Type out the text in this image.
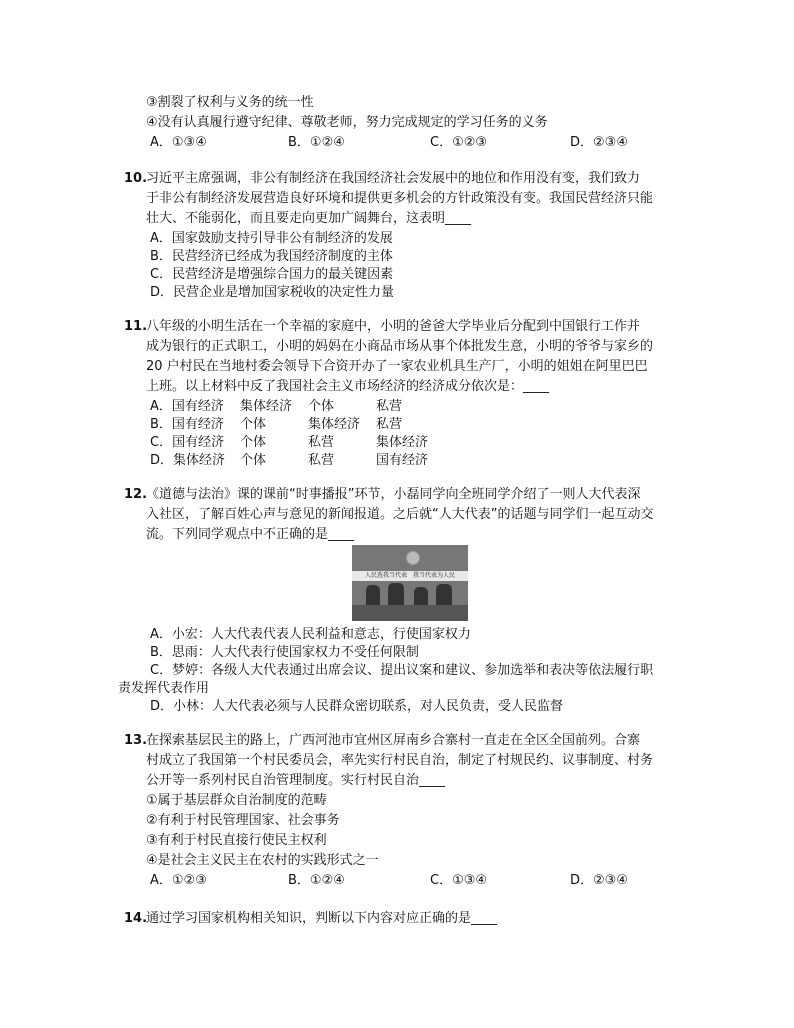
③割裂了权利与义务的统一性
④没有认真履行遵守纪律、尊敬老师，努力完成规定的学习任务的义务
A．①③④	B．①②④	C．①②③	D．②③④
10.
习近平主席强调，非公有制经济在我国经济社会发展中的地位和作用没有变，我们致力
于非公有制经济发展营造良好环境和提供更多机会的方针政策没有变。我国民营经济只能
壮大、不能弱化，而且要走向更加广阔舞台，这表明____
A．国家鼓励支持引导非公有制经济的发展
B．民营经济已经成为我国经济制度的主体
C．民营经济是增强综合国力的最关键因素
D．民营企业是增加国家税收的决定性力量
11.
八年级的小明生活在一个幸福的家庭中，小明的爸爸大学毕业后分配到中国银行工作并
成为银行的正式职工，小明的妈妈在小商品市场从事个体批发生意，小明的爷爷与家乡的
20 户村民在当地村委会领导下合资开办了一家农业机具生产厂，小明的姐姐在阿里巴巴
上班。以上材料中反了我国社会主义市场经济的经济成分依次是：____
A．国有经济 集体经济 个体	私营
B．国有经济 个体	集体经济 私营
C．国有经济 个体	私营	集体经济
D．集体经济 个体	私营	国有经济
12.
《道德与法治》课的课前“时事播报”环节，小磊同学向全班同学介绍了一则人大代表深
入社区，了解百姓心声与意见的新闻报道。之后就“人大代表”的话题与同学们一起互动交
流。下列同学观点中不正确的是____
人民选我当代表　我当代表为人民
A．小宏：人大代表代表人民利益和意志，行使国家权力
B．思雨：人大代表行使国家权力不受任何限制
C．梦婷：各级人大代表通过出席会议、提出议案和建议、参加选举和表决等依法履行职
责发挥代表作用
D．小林：人大代表必须与人民群众密切联系，对人民负责，受人民监督
13.
在探索基层民主的路上，广西河池市宜州区屏南乡合寨村一直走在全区全国前列。合寨
村成立了我国第一个村民委员会，率先实行村民自治，制定了村规民约、议事制度、村务
公开等一系列村民自治管理制度。实行村民自治____
①属于基层群众自治制度的范畴
②有利于村民管理国家、社会事务
③有利于村民直接行使民主权利
④是社会主义民主在农村的实践形式之一
A．①②③	B．①②④	C．①③④	D．②③④
14.
通过学习国家机构相关知识，判断以下内容对应正确的是____
